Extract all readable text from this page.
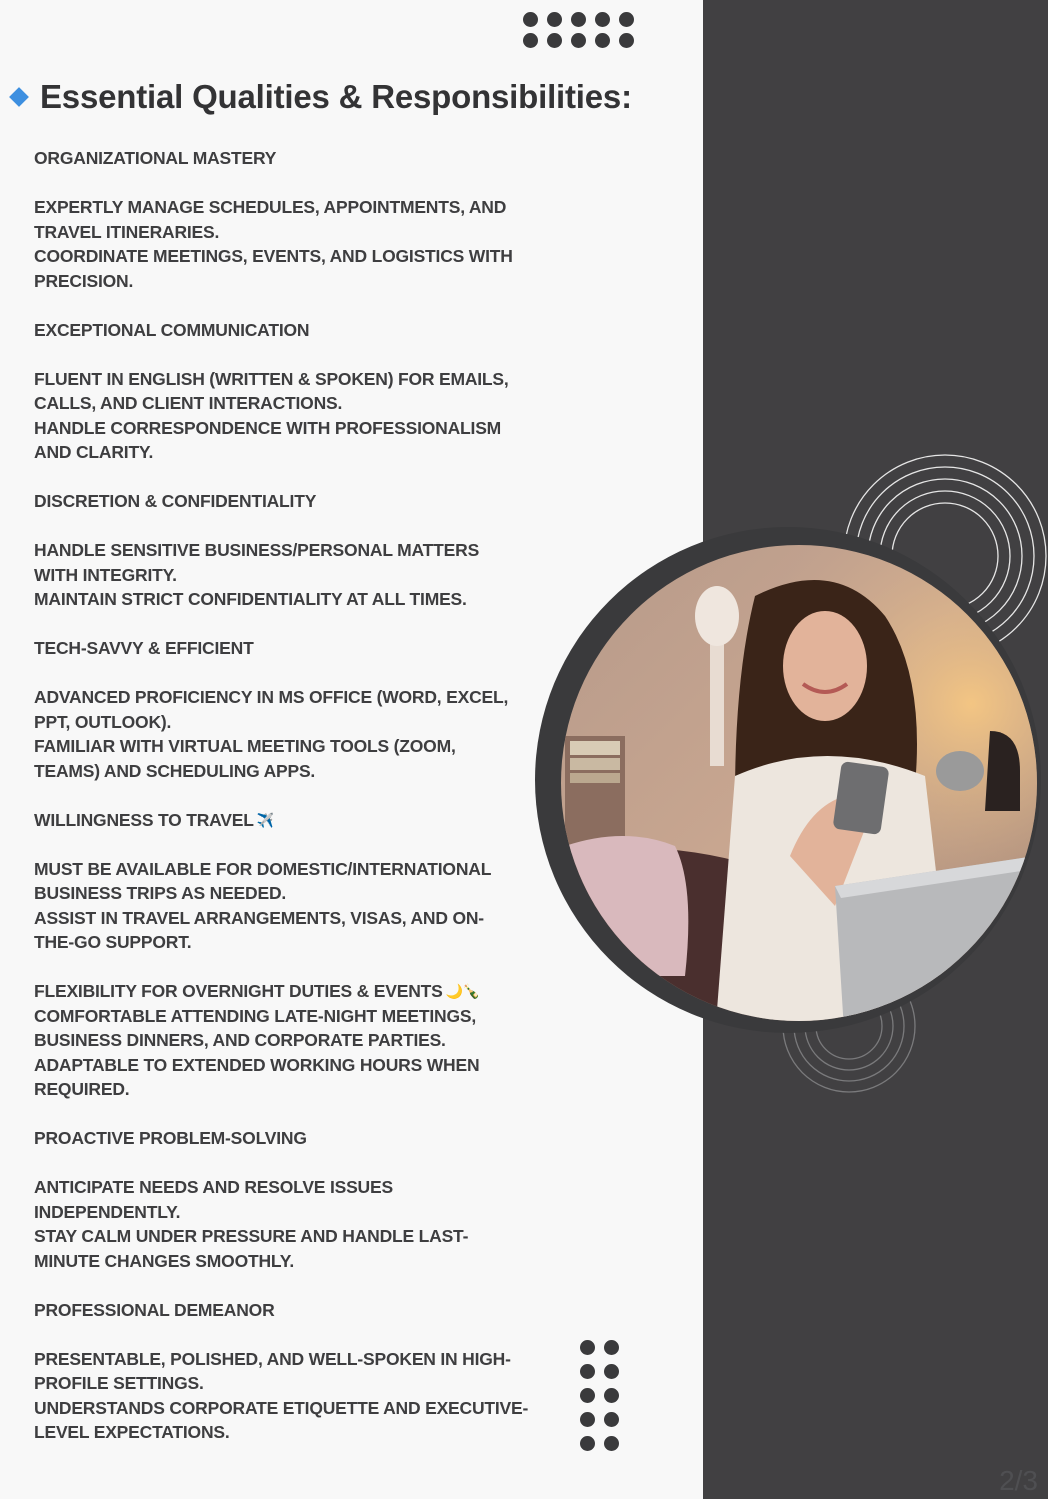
Essential Qualities & Responsibilities:
ORGANIZATIONAL MASTERY
EXPERTLY MANAGE SCHEDULES, APPOINTMENTS, AND
TRAVEL ITINERARIES.
COORDINATE MEETINGS, EVENTS, AND LOGISTICS WITH
PRECISION.
EXCEPTIONAL COMMUNICATION
FLUENT IN ENGLISH (WRITTEN & SPOKEN) FOR EMAILS,
CALLS, AND CLIENT INTERACTIONS.
HANDLE CORRESPONDENCE WITH PROFESSIONALISM
AND CLARITY.
DISCRETION & CONFIDENTIALITY
HANDLE SENSITIVE BUSINESS/PERSONAL MATTERS
WITH INTEGRITY.
MAINTAIN STRICT CONFIDENTIALITY AT ALL TIMES.
TECH-SAVVY & EFFICIENT
ADVANCED PROFICIENCY IN MS OFFICE (WORD, EXCEL,
PPT, OUTLOOK).
FAMILIAR WITH VIRTUAL MEETING TOOLS (ZOOM,
TEAMS) AND SCHEDULING APPS.
WILLINGNESS TO TRAVEL ✈️
MUST BE AVAILABLE FOR DOMESTIC/INTERNATIONAL
BUSINESS TRIPS AS NEEDED.
ASSIST IN TRAVEL ARRANGEMENTS, VISAS, AND ON-
THE-GO SUPPORT.
FLEXIBILITY FOR OVERNIGHT DUTIES & EVENTS 🌙🍾
COMFORTABLE ATTENDING LATE-NIGHT MEETINGS,
BUSINESS DINNERS, AND CORPORATE PARTIES.
ADAPTABLE TO EXTENDED WORKING HOURS WHEN
REQUIRED.
PROACTIVE PROBLEM-SOLVING
ANTICIPATE NEEDS AND RESOLVE ISSUES
INDEPENDENTLY.
STAY CALM UNDER PRESSURE AND HANDLE LAST-
MINUTE CHANGES SMOOTHLY.
PROFESSIONAL DEMEANOR
PRESENTABLE, POLISHED, AND WELL-SPOKEN IN HIGH-
PROFILE SETTINGS.
UNDERSTANDS CORPORATE ETIQUETTE AND EXECUTIVE-
LEVEL EXPECTATIONS.
2/3
